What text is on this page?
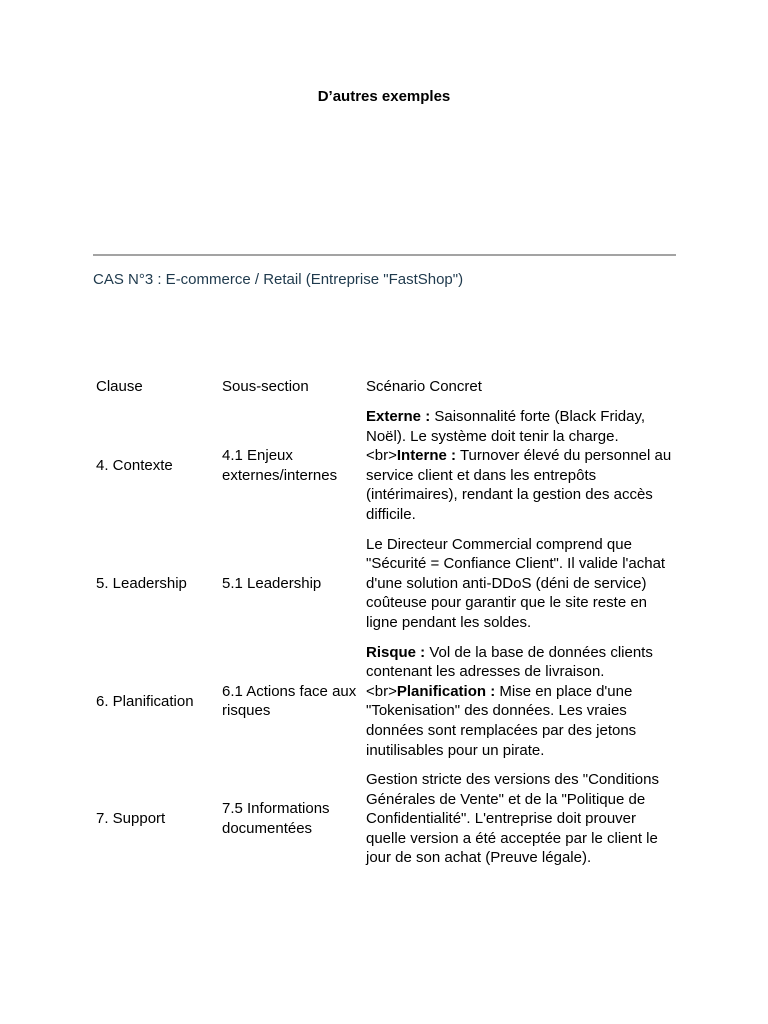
D’autres exemples
CAS N°3 : E-commerce / Retail (Entreprise "FastShop")
Clause	Sous-section	Scénario Concret
4. Contexte	4.1 Enjeux externes/internes	Externe : Saisonnalité forte (Black Friday, Noël). Le système doit tenir la charge. <br>Interne : Turnover élevé du personnel au service client et dans les entrepôts (intérimaires), rendant la gestion des accès difficile.
5. Leadership	5.1 Leadership	Le Directeur Commercial comprend que "Sécurité = Confiance Client". Il valide l'achat d'une solution anti-DDoS (déni de service) coûteuse pour garantir que le site reste en ligne pendant les soldes.
6. Planification	6.1 Actions face aux risques	Risque : Vol de la base de données clients contenant les adresses de livraison. <br>Planification : Mise en place d'une "Tokenisation" des données. Les vraies données sont remplacées par des jetons inutilisables pour un pirate.
7. Support	7.5 Informations documentées	Gestion stricte des versions des "Conditions Générales de Vente" et de la "Politique de Confidentialité". L'entreprise doit prouver quelle version a été acceptée par le client le jour de son achat (Preuve légale).
